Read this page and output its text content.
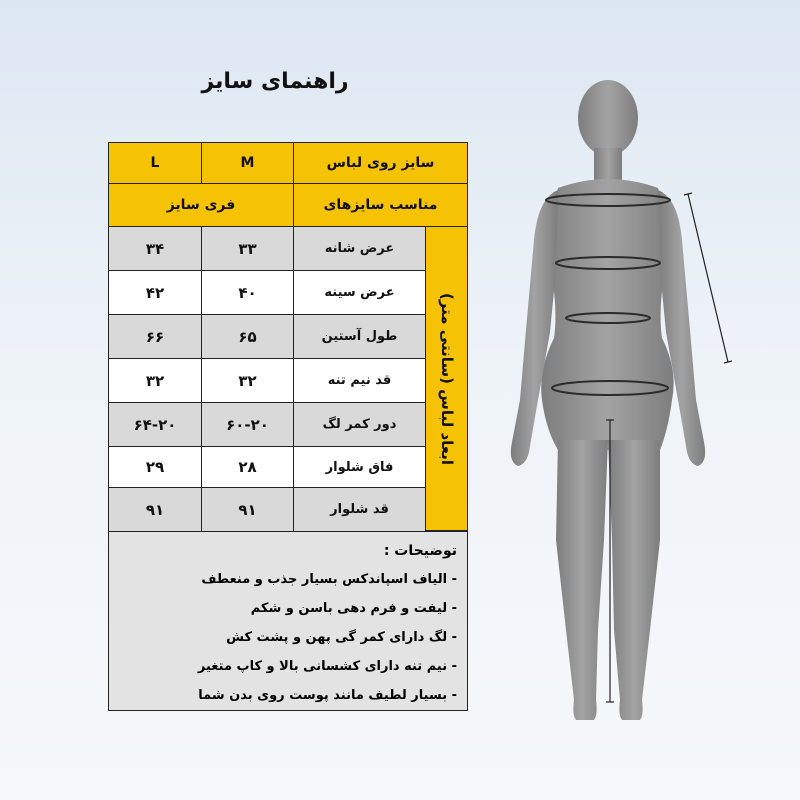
راهنمای سایز
L	M	سایز روی لباس
فری سایز	مناسب سایزهای
ابعاد لباس (سانتی متر)
۳۴	۳۳	عرض شانه
۴۲	۴۰	عرض سینه
۶۶	۶۵	طول آستین
۳۲	۳۲	قد نیم تنه
۶۴-۲۰	۶۰-۲۰	دور کمر لگ
۲۹	۲۸	فاق شلوار
۹۱	۹۱	قد شلوار
توضیحات :
- الیاف اسپاندکس بسیار جذب و منعطف
- لیفت و فرم دهی باسن و شکم
- لگ دارای کمر گی پهن و پشت کش
- نیم تنه دارای کشسانی بالا و کاپ متغیر
- بسیار لطیف مانند پوست روی بدن شما
